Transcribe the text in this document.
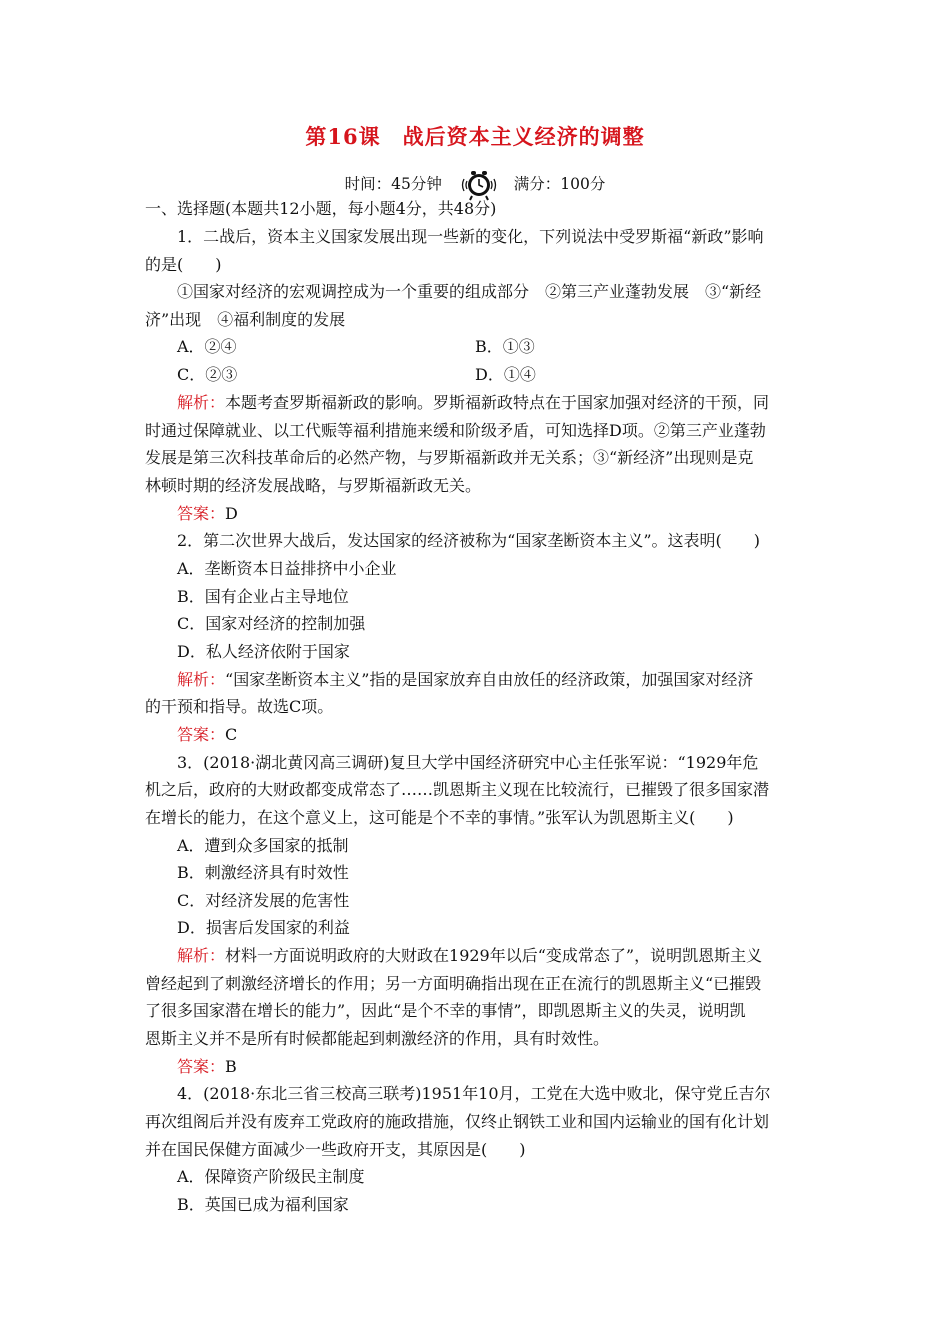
第16课　战后资本主义经济的调整
时间：45分钟	满分：100分
一、选择题(本题共12小题，每小题4分，共48分)
1．二战后，资本主义国家发展出现一些新的变化，下列说法中受罗斯福“新政”影响
的是(　　)
①国家对经济的宏观调控成为一个重要的组成部分　②第三产业蓬勃发展　③“新经
济”出现　④福利制度的发展
A．②④	B．①③
C．②③	D．①④
解析：本题考查罗斯福新政的影响。罗斯福新政特点在于国家加强对经济的干预，同
时通过保障就业、以工代赈等福利措施来缓和阶级矛盾，可知选择D项。②第三产业蓬勃
发展是第三次科技革命后的必然产物，与罗斯福新政并无关系；③“新经济”出现则是克
林顿时期的经济发展战略，与罗斯福新政无关。
答案：D
2．第二次世界大战后，发达国家的经济被称为“国家垄断资本主义”。这表明(　　)
A．垄断资本日益排挤中小企业
B．国有企业占主导地位
C．国家对经济的控制加强
D．私人经济依附于国家
解析：“国家垄断资本主义”指的是国家放弃自由放任的经济政策，加强国家对经济
的干预和指导。故选C项。
答案：C
3．(2018·湖北黄冈高三调研)复旦大学中国经济研究中心主任张军说：“1929年危
机之后，政府的大财政都变成常态了……凯恩斯主义现在比较流行，已摧毁了很多国家潜
在增长的能力，在这个意义上，这可能是个不幸的事情。”张军认为凯恩斯主义(　　)
A．遭到众多国家的抵制
B．刺激经济具有时效性
C．对经济发展的危害性
D．损害后发国家的利益
解析：材料一方面说明政府的大财政在1929年以后“变成常态了”，说明凯恩斯主义
曾经起到了刺激经济增长的作用；另一方面明确指出现在正在流行的凯恩斯主义“已摧毁
了很多国家潜在增长的能力”，因此“是个不幸的事情”，即凯恩斯主义的失灵，说明凯
恩斯主义并不是所有时候都能起到刺激经济的作用，具有时效性。
答案：B
4．(2018·东北三省三校高三联考)1951年10月，工党在大选中败北，保守党丘吉尔
再次组阁后并没有废弃工党政府的施政措施，仅终止钢铁工业和国内运输业的国有化计划
并在国民保健方面减少一些政府开支，其原因是(　　)
A．保障资产阶级民主制度
B．英国已成为福利国家
